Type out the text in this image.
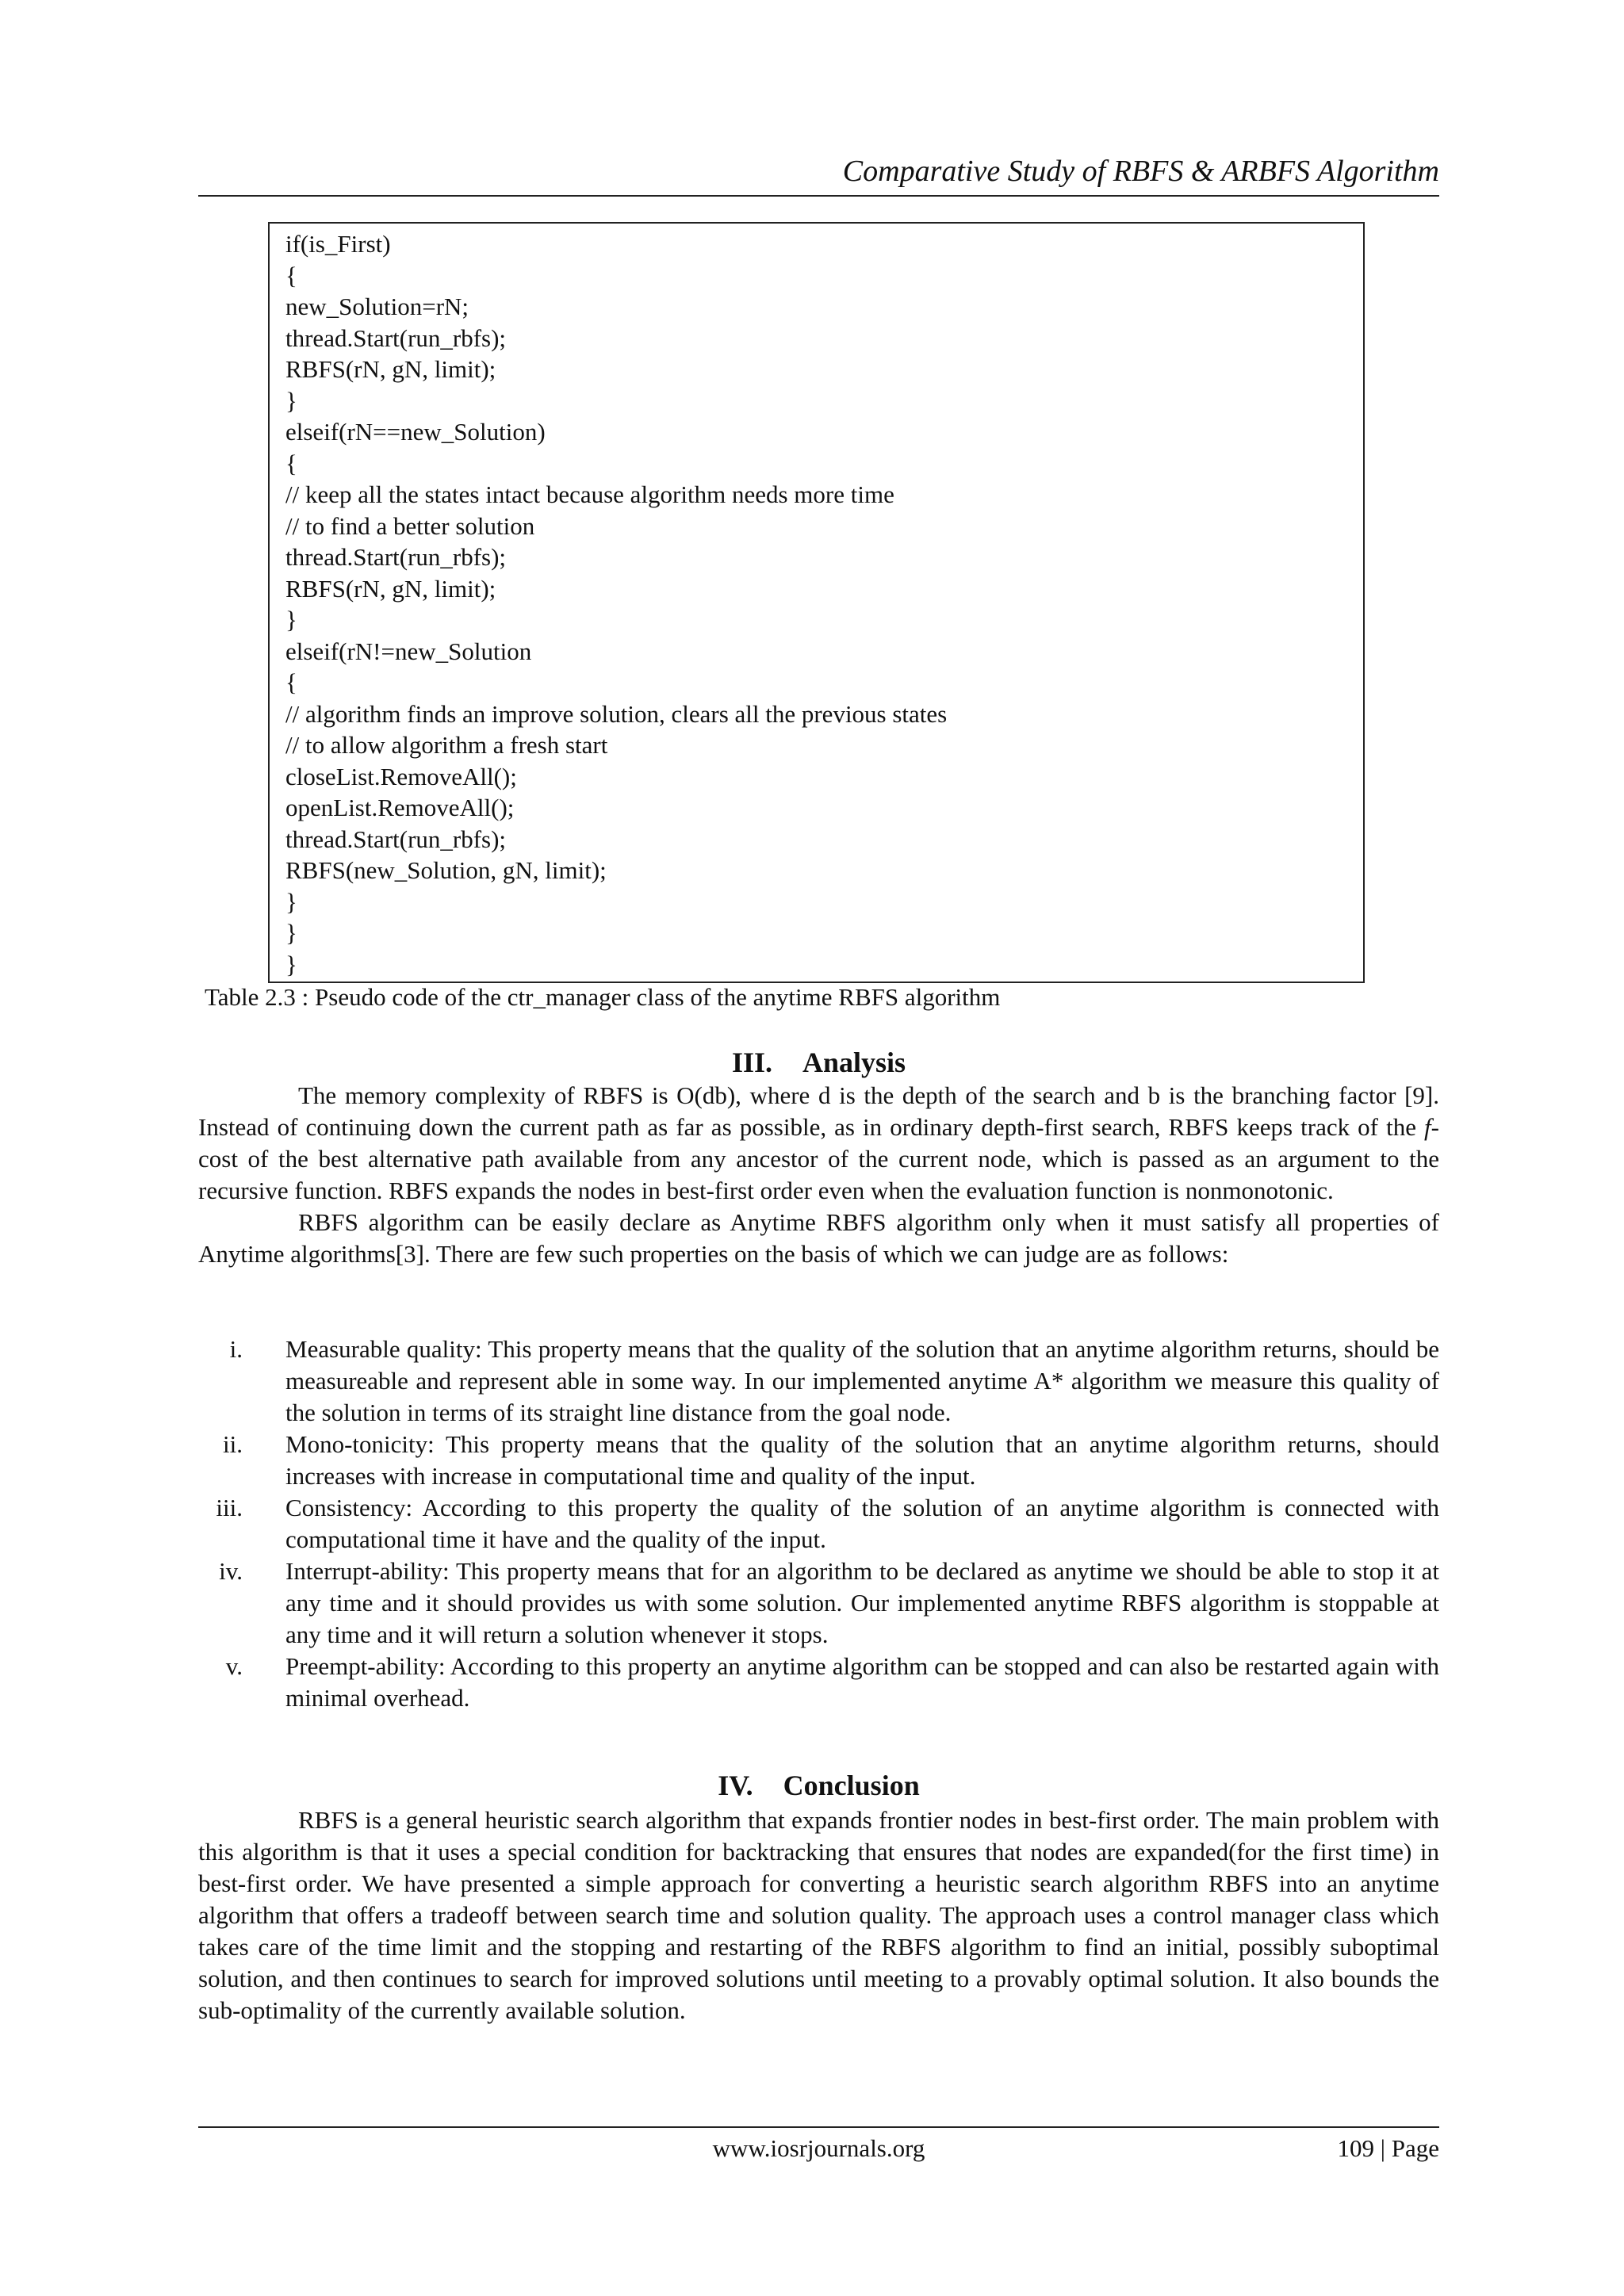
Comparative Study of RBFS & ARBFS Algorithm
if(is_First)
{
new_Solution=rN;
thread.Start(run_rbfs);
RBFS(rN, gN, limit);
}
elseif(rN==new_Solution)
{
// keep all the states intact because algorithm needs more time
// to find a better solution
thread.Start(run_rbfs);
RBFS(rN, gN, limit);
}
elseif(rN!=new_Solution
{
// algorithm finds an improve solution, clears all the previous states
// to allow algorithm a fresh start
closeList.RemoveAll();
openList.RemoveAll();
thread.Start(run_rbfs);
RBFS(new_Solution, gN, limit);
}
}
}
Table 2.3 : Pseudo code of the ctr_manager class of the anytime RBFS algorithm
III. Analysis

The memory complexity of RBFS is O(db), where d is the depth of the search and b is the branching factor [9]. Instead of continuing down the current path as far as possible, as in ordinary depth-first search, RBFS keeps track of the f-cost of the best alternative path available from any ancestor of the current node, which is passed as an argument to the recursive function. RBFS expands the nodes in best-first order even when the evaluation function is nonmonotonic.

RBFS algorithm can be easily declare as Anytime RBFS algorithm only when it must satisfy all properties of Anytime algorithms[3]. There are few such properties on the basis of which we can judge are as follows:

i. Measurable quality: This property means that the quality of the solution that an anytime algorithm returns, should be measureable and represent able in some way. In our implemented anytime A* algorithm we measure this quality of the solution in terms of its straight line distance from the goal node.
ii. Mono-tonicity: This property means that the quality of the solution that an anytime algorithm returns, should increases with increase in computational time and quality of the input.
iii. Consistency: According to this property the quality of the solution of an anytime algorithm is connected with computational time it have and the quality of the input.
iv. Interrupt-ability: This property means that for an algorithm to be declared as anytime we should be able to stop it at any time and it should provides us with some solution. Our implemented anytime RBFS algorithm is stoppable at any time and it will return a solution whenever it stops.
v. Preempt-ability: According to this property an anytime algorithm can be stopped and can also be restarted again with minimal overhead.
IV. Conclusion

RBFS is a general heuristic search algorithm that expands frontier nodes in best-first order. The main problem with this algorithm is that it uses a special condition for backtracking that ensures that nodes are expanded(for the first time) in best-first order. We have presented a simple approach for converting a heuristic search algorithm RBFS into an anytime algorithm that offers a tradeoff between search time and solution quality. The approach uses a control manager class which takes care of the time limit and the stopping and restarting of the RBFS algorithm to find an initial, possibly suboptimal solution, and then continues to search for improved solutions until meeting to a provably optimal solution. It also bounds the sub-optimality of the currently available solution.

www.iosrjournals.org	109 | Page
